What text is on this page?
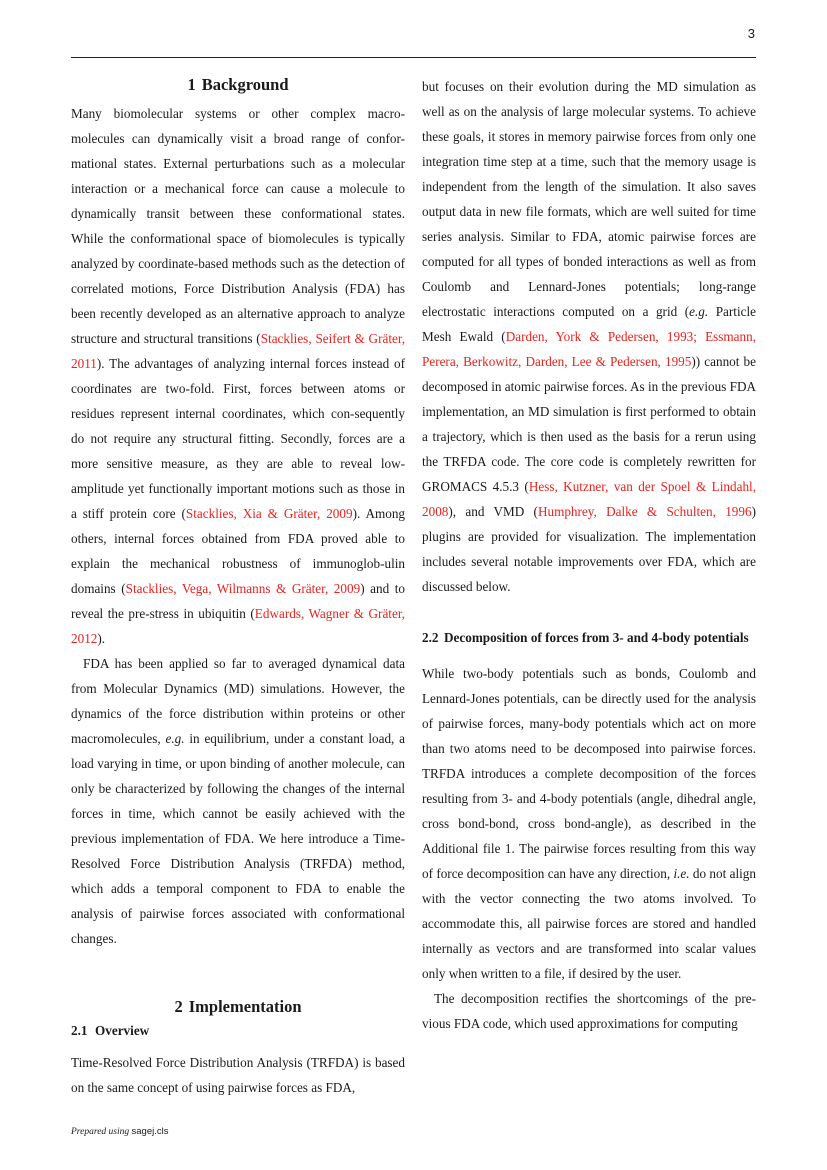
3
1 Background

Many biomolecular systems or other complex macro-molecules can dynamically visit a broad range of confor-mational states. External perturbations such as a molecular interaction or a mechanical force can cause a molecule to dynamically transit between these conformational states. While the conformational space of biomolecules is typically analyzed by coordinate-based methods such as the detection of correlated motions, Force Distribution Analysis (FDA) has been recently developed as an alternative approach to analyze structure and structural transitions (Stacklies, Seifert & Gräter, 2011). The advantages of analyzing internal forces instead of coordinates are two-fold. First, forces between atoms or residues represent internal coordinates, which con-sequently do not require any structural fitting. Secondly, forces are a more sensitive measure, as they are able to reveal low-amplitude yet functionally important motions such as those in a stiff protein core (Stacklies, Xia & Gräter, 2009). Among others, internal forces obtained from FDA proved able to explain the mechanical robustness of immunoglob-ulin domains (Stacklies, Vega, Wilmanns & Gräter, 2009) and to reveal the pre-stress in ubiquitin (Edwards, Wagner & Gräter, 2012).

FDA has been applied so far to averaged dynamical data from Molecular Dynamics (MD) simulations. However, the dynamics of the force distribution within proteins or other macromolecules, e.g. in equilibrium, under a constant load, a load varying in time, or upon binding of another molecule, can only be characterized by following the changes of the internal forces in time, which cannot be easily achieved with the previous implementation of FDA. We here introduce a Time-Resolved Force Distribution Analysis (TRFDA) method, which adds a temporal component to FDA to enable the analysis of pairwise forces associated with conformational changes.

2 Implementation
2.1 Overview

Time-Resolved Force Distribution Analysis (TRFDA) is based on the same concept of using pairwise forces as FDA,

but focuses on their evolution during the MD simulation as well as on the analysis of large molecular systems. To achieve these goals, it stores in memory pairwise forces from only one integration time step at a time, such that the memory usage is independent from the length of the simulation. It also saves output data in new file formats, which are well suited for time series analysis. Similar to FDA, atomic pairwise forces are computed for all types of bonded interactions as well as from Coulomb and Lennard-Jones potentials; long-range electrostatic interactions computed on a grid (e.g. Particle Mesh Ewald (Darden, York & Pedersen, 1993; Essmann, Perera, Berkowitz, Darden, Lee & Pedersen, 1995)) cannot be decomposed in atomic pairwise forces. As in the previous FDA implementation, an MD simulation is first performed to obtain a trajectory, which is then used as the basis for a rerun using the TRFDA code. The core code is completely rewritten for GROMACS 4.5.3 (Hess, Kutzner, van der Spoel & Lindahl, 2008), and VMD (Humphrey, Dalke & Schulten, 1996) plugins are provided for visualization. The implementation includes several notable improvements over FDA, which are discussed below.

2.2 Decomposition of forces from 3- and 4-body potentials

While two-body potentials such as bonds, Coulomb and Lennard-Jones potentials, can be directly used for the analysis of pairwise forces, many-body potentials which act on more than two atoms need to be decomposed into pairwise forces. TRFDA introduces a complete decomposition of the forces resulting from 3- and 4-body potentials (angle, dihedral angle, cross bond-bond, cross bond-angle), as described in the Additional file 1. The pairwise forces resulting from this way of force decomposition can have any direction, i.e. do not align with the vector connecting the two atoms involved. To accommodate this, all pairwise forces are stored and handled internally as vectors and are transformed into scalar values only when written to a file, if desired by the user.

The decomposition rectifies the shortcomings of the pre-vious FDA code, which used approximations for computing

Prepared using sagej.cls
